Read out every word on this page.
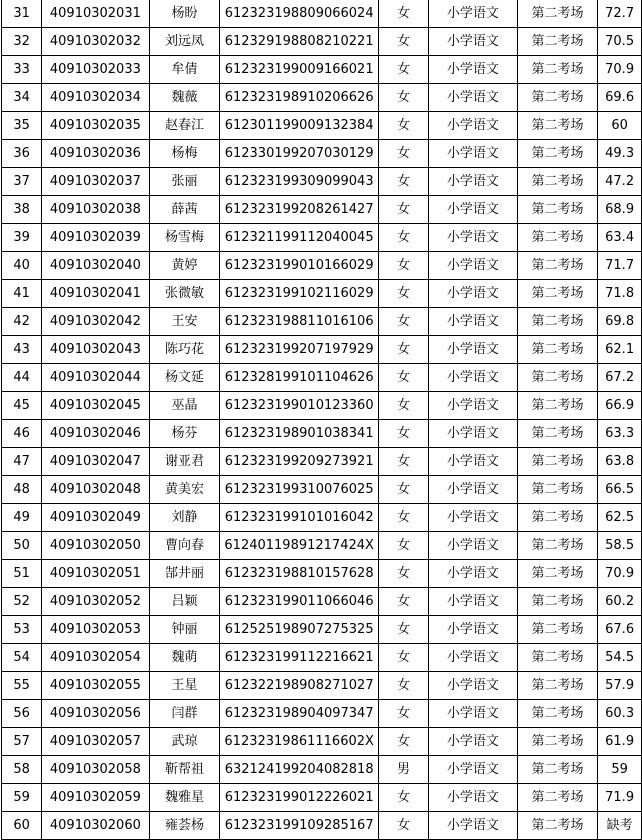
31	40910302031	杨盼	612323198809066024	女	小学语文	第二考场	72.7
32	40910302032	刘远凤	612329198808210221	女	小学语文	第二考场	70.5
33	40910302033	牟倩	612323199009166021	女	小学语文	第二考场	70.9
34	40910302034	魏薇	612323198910206626	女	小学语文	第二考场	69.6
35	40910302035	赵春江	612301199009132384	女	小学语文	第二考场	60
36	40910302036	杨梅	612330199207030129	女	小学语文	第二考场	49.3
37	40910302037	张丽	612323199309099043	女	小学语文	第二考场	47.2
38	40910302038	薛茜	612323199208261427	女	小学语文	第二考场	68.9
39	40910302039	杨雪梅	612321199112040045	女	小学语文	第二考场	63.4
40	40910302040	黄婷	612323199010166029	女	小学语文	第二考场	71.7
41	40910302041	张微敏	612323199102116029	女	小学语文	第二考场	71.8
42	40910302042	王安	612323198811016106	女	小学语文	第二考场	69.8
43	40910302043	陈巧花	612323199207197929	女	小学语文	第二考场	62.1
44	40910302044	杨文延	612328199101104626	女	小学语文	第二考场	67.2
45	40910302045	巫晶	612323199010123360	女	小学语文	第二考场	66.9
46	40910302046	杨芬	612323198901038341	女	小学语文	第二考场	63.3
47	40910302047	谢亚君	612323199209273921	女	小学语文	第二考场	63.8
48	40910302048	黄美宏	612323199310076025	女	小学语文	第二考场	66.5
49	40910302049	刘静	612323199101016042	女	小学语文	第二考场	62.5
50	40910302050	曹向春	61240119891217424X	女	小学语文	第二考场	58.5
51	40910302051	郜井丽	612323198810157628	女	小学语文	第二考场	70.9
52	40910302052	吕颖	612323199011066046	女	小学语文	第二考场	60.2
53	40910302053	钟丽	612525198907275325	女	小学语文	第二考场	67.6
54	40910302054	魏萌	612323199112216621	女	小学语文	第二考场	54.5
55	40910302055	王星	612322198908271027	女	小学语文	第二考场	57.9
56	40910302056	闫群	612323198904097347	女	小学语文	第二考场	60.3
57	40910302057	武琼	61232319861116602X	女	小学语文	第二考场	61.9
58	40910302058	靳帮祖	632124199204082818	男	小学语文	第二考场	59
59	40910302059	魏雅星	612323199012226021	女	小学语文	第二考场	71.9
60	40910302060	雍荟杨	612323199109285167	女	小学语文	第二考场	缺考
